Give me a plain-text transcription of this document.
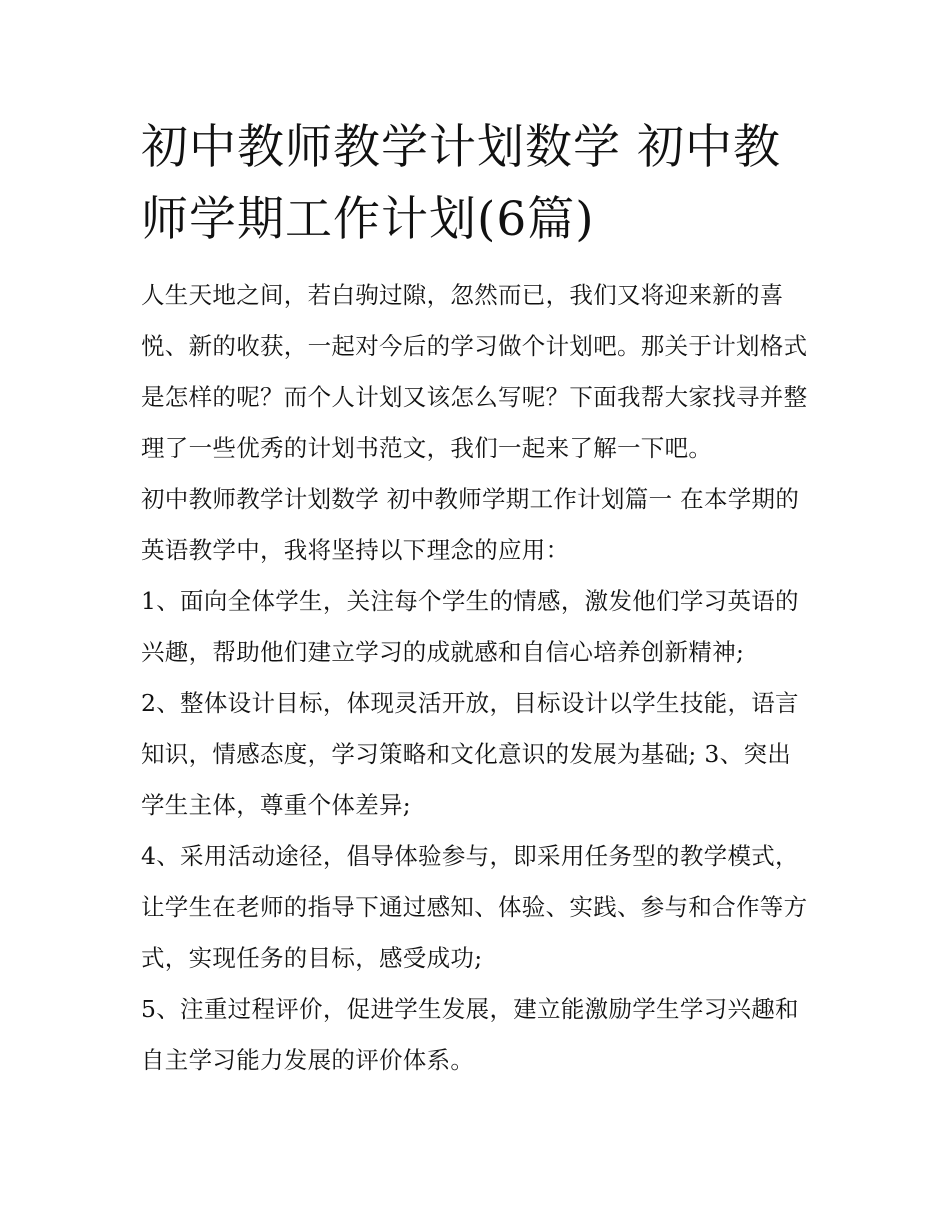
初中教师教学计划数学 初中教师学期工作计划(6篇)

人生天地之间，若白驹过隙，忽然而已，我们又将迎来新的喜悦、新的收获，一起对今后的学习做个计划吧。那关于计划格式是怎样的呢？而个人计划又该怎么写呢？下面我帮大家找寻并整理了一些优秀的计划书范文，我们一起来了解一下吧。

初中教师教学计划数学 初中教师学期工作计划篇一 在本学期的英语教学中，我将坚持以下理念的应用：

1、面向全体学生，关注每个学生的情感，激发他们学习英语的兴趣，帮助他们建立学习的成就感和自信心培养创新精神;

2、整体设计目标，体现灵活开放，目标设计以学生技能，语言知识，情感态度，学习策略和文化意识的发展为基础; 3、突出学生主体，尊重个体差异;

4、采用活动途径，倡导体验参与，即采用任务型的教学模式，让学生在老师的指导下通过感知、体验、实践、参与和合作等方式，实现任务的目标，感受成功;

5、注重过程评价，促进学生发展，建立能激励学生学习兴趣和自主学习能力发展的评价体系。
